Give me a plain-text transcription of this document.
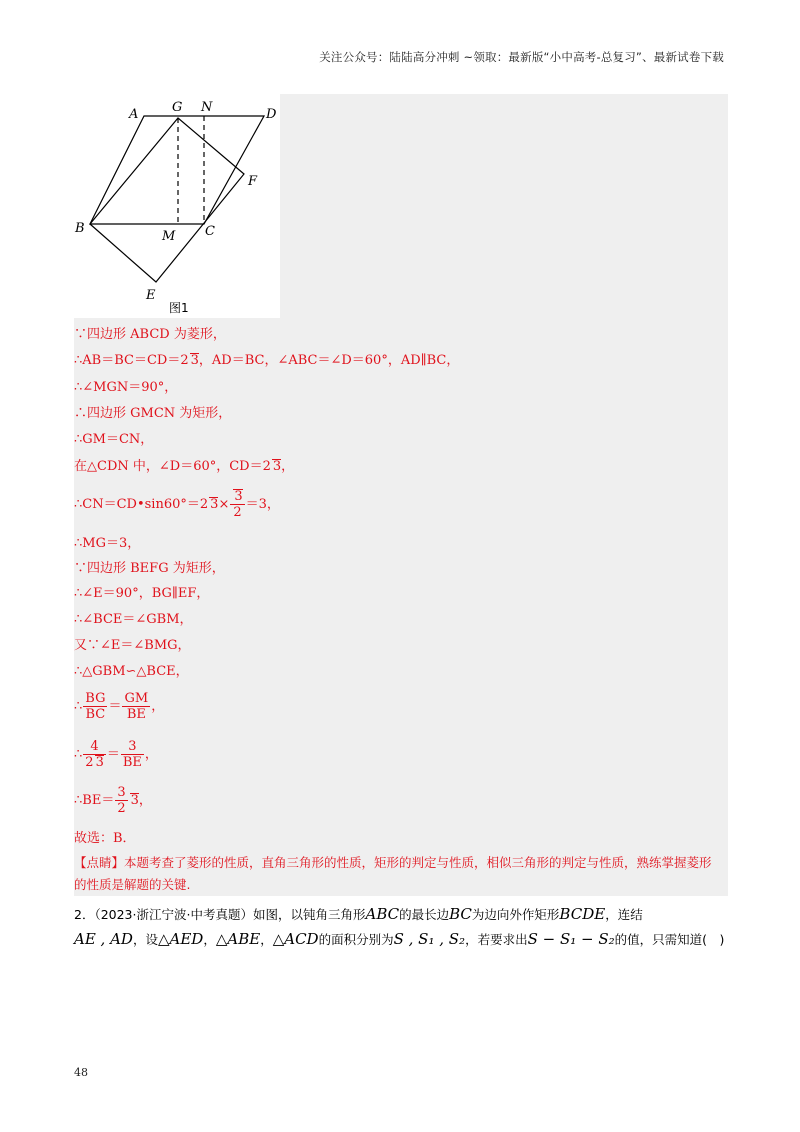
关注公众号：陆陆高分冲刺 ~领取：最新版“小中高考-总复习”、最新试卷下载
A	G N	D
F
B
M C
E
图1
∵四边形 ABCD 为菱形，
∴AB＝BC＝CD＝2 3，AD＝BC，∠ABC＝∠D＝60°，AD∥BC，
∴∠MGN＝90°，
∴四边形 GMCN 为矩形，
∴GM＝CN，
在△CDN 中，∠D＝60°，CD＝2 3，
∴CN＝CD•sin60°＝2 $3\times \frac{3}{2} =3$，
∴MG＝3，
∵四边形 BEFG 为矩形，
∴∠E＝90°，BG∥EF，
∴∠BCE＝∠GBM，
又∵∠E＝∠BMG，
∴△GBM∽△BCE，
∴ $\frac{BG}{BC} = \frac{GM}{BE}$ ，
∴ $\frac{4}{2 3} = \frac{3}{BE}$ ，
∴BE＝ $\frac{3}{2} 3$，
故选：B．
【点睛】本题考查了菱形的性质，直角三角形的性质，矩形的判定与性质，相似三角形的判定与性质，熟练掌握菱形的性质是解题的关键.
2．（2023·浙江宁波·中考真题）如图，以钝角三角形ABC的最长边BC为边向外作矩形BCDE，连结
AE , AD，设△AED，△ABE，△ACD的面积分别为S , S₁ , S₂，若要求出S − S₁ − S₂的值，只需知道(　)
48
